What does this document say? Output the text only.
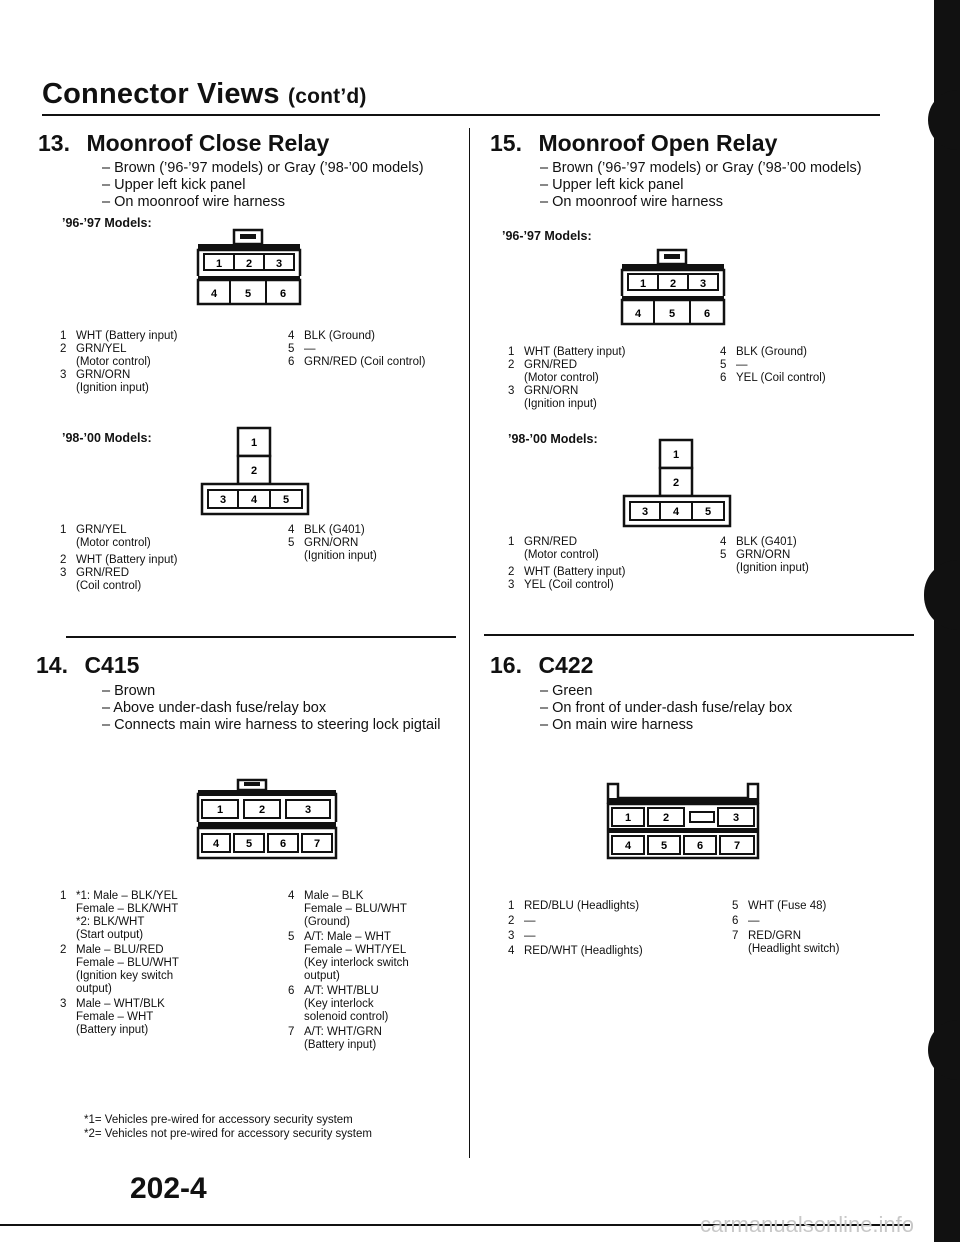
Connector Views (cont’d)
13. Moonroof Close Relay
– Brown (’96-’97 models) or Gray (’98-’00 models)
– Upper left kick panel
– On moonroof wire harness
’96-’97 Models:
1 2 3
4	5	6
1 WHT (Battery input)
2 GRN/YEL
(Motor control)
3 GRN/ORN
(Ignition input)
4 BLK (Ground)
5 —
6 GRN/RED (Coil control)
’98-’00 Models:	1
2
3 4 5
1 GRN/YEL
(Motor control)
2 WHT (Battery input)
3 GRN/RED
(Coil control)
4 BLK (G401)
5 GRN/ORN
(Ignition input)
14. C415
– Brown
– Above under-dash fuse/relay box
– Connects main wire harness to steering lock pigtail
1	2	3
4 5	6	7
1 *1: Male – BLK/YEL
Female – BLK/WHT
*2: BLK/WHT
(Start output)
2 Male – BLU/RED
Female – BLU/WHT
(Ignition key switch
output)
3 Male – WHT/BLK
Female – WHT
(Battery input)
4 Male – BLK
Female – BLU/WHT
(Ground)
5 A/T: Male – WHT
Female – WHT/YEL
(Key interlock switch
output)
6 A/T: WHT/BLU
(Key interlock
solenoid control)
7 A/T: WHT/GRN
(Battery input)
*1= Vehicles pre-wired for accessory security system
*2= Vehicles not pre-wired for accessory security system
15. Moonroof Open Relay
– Brown (’96-’97 models) or Gray (’98-’00 models)
– Upper left kick panel
– On moonroof wire harness
’96-’97 Models:
1 2 3
4	5	6
1 WHT (Battery input)
2 GRN/RED
(Motor control)
3 GRN/ORN
(Ignition input)
4 BLK (Ground)
5 —
6 YEL (Coil control)
’98-’00 Models:
1
2
3 4 5
1 GRN/RED
(Motor control)
2 WHT (Battery input)
3 YEL (Coil control)
4 BLK (G401)
5 GRN/ORN
(Ignition input)
16. C422
– Green
– On front of under-dash fuse/relay box
– On main wire harness
1	2	3
4	5	6	7
1 RED/BLU (Headlights)
2 —
3 —
4 RED/WHT (Headlights)
5 WHT (Fuse 48)
6 —
7 RED/GRN
(Headlight switch)
202-4
carmanualsonline.info
